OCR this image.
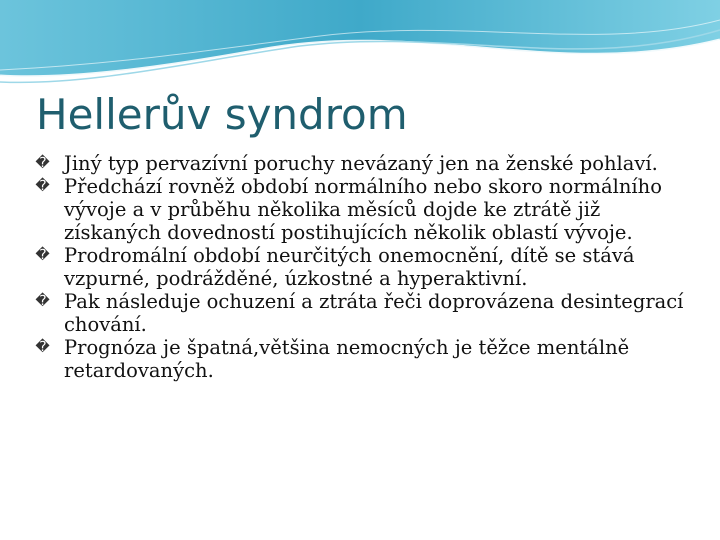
Hellerův syndrom
� Jiný typ pervazívní poruchy nevázaný jen na ženské pohlaví.
� Předchází rovněž období normálního nebo skoro normálního vývoje a v průběhu několika měsíců dojde ke ztrátě již získaných dovedností postihujících několik oblastí vývoje.
� Prodromální období neurčitých onemocnění, dítě se stává vzpurné, podrážděné, úzkostné a hyperaktivní.
� Pak následuje ochuzení a ztráta řeči doprovázena desintegrací chování.
� Prognóza je špatná,většina nemocných je těžce mentálně retardovaných.
